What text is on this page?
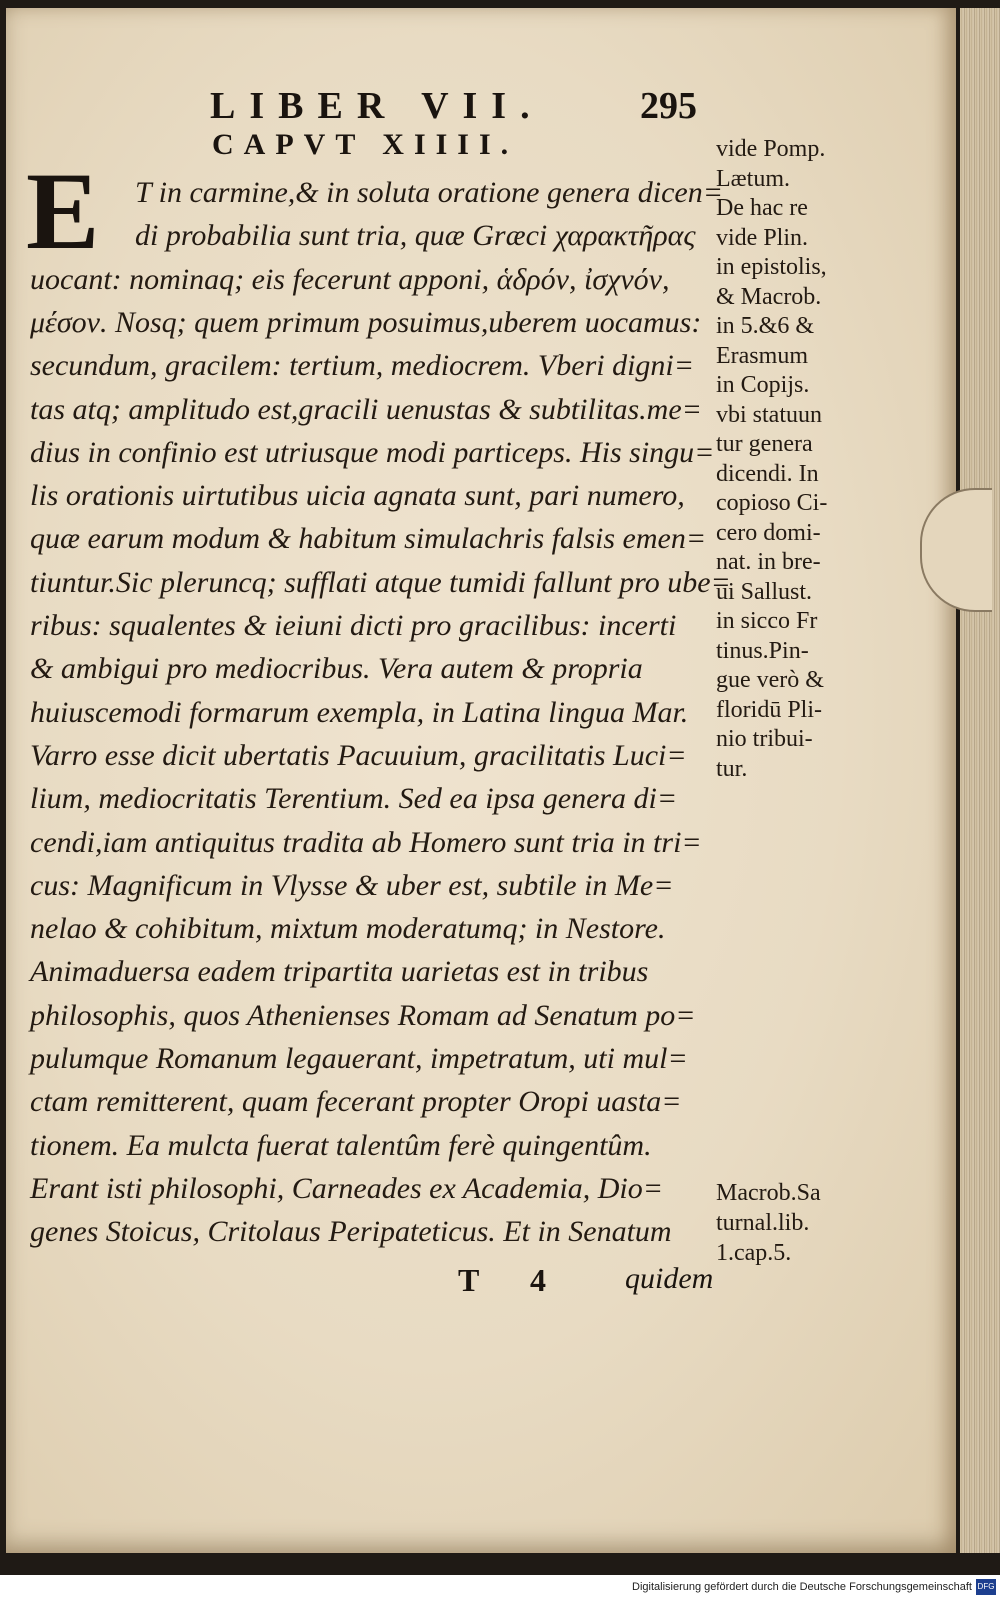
LIBER VII.	295
CAPVT XIIII.
E T in carmine,& in soluta oratione genera dicen=
di probabilia sunt tria, quæ Græci χαρακτῆρας
uocant: nominaq; eis fecerunt apponi, ἁδρόν, ἰσχνόν,
μέσον. Nosq; quem primum posuimus,uberem uocamus:
secundum, gracilem: tertium, mediocrem. Vberi digni=
tas atq; amplitudo est,gracili uenustas & subtilitas.me=
dius in confinio est utriusque modi particeps. His singu=
lis orationis uirtutibus uicia agnata sunt, pari numero,
quæ earum modum & habitum simulachris falsis emen=
tiuntur.Sic pleruncq; sufflati atque tumidi fallunt pro ube=
ribus: squalentes & ieiuni dicti pro gracilibus: incerti
& ambigui pro mediocribus. Vera autem & propria
huiuscemodi formarum exempla, in Latina lingua Mar.
Varro esse dicit ubertatis Pacuuium, gracilitatis Luci=
lium, mediocritatis Terentium. Sed ea ipsa genera di=
cendi,iam antiquitus tradita ab Homero sunt tria in tri=
cus: Magnificum in Vlysse & uber est, subtile in Me=
nelao & cohibitum, mixtum moderatumq; in Nestore.
Animaduersa eadem tripartita uarietas est in tribus
philosophis, quos Athenienses Romam ad Senatum po=
pulumque Romanum legauerant, impetratum, uti mul=
ctam remitterent, quam fecerant propter Oropi uasta=
tionem. Ea mulcta fuerat talentûm ferè quingentûm.
Erant isti philosophi, Carneades ex Academia, Dio=
genes Stoicus, Critolaus Peripateticus. Et in Senatum
vide Pomp.
Lætum.
De hac re
vide Plin.
in epistolis,
& Macrob.
in 5.&6 &
Erasmum
in Copijs.
vbi statuun
tur genera
dicendi. In
copioso Ci-
cero domi-
nat. in bre-
ui Sallust.
in sicco Fr
tinus.Pin-
gue verò &
floridū Pli-
nio tribui-
tur.
Macrob.Sa
turnal.lib.
1.cap.5.
T 4	quidem
Digitalisierung gefördert durch die Deutsche Forschungsgemeinschaft DFG
